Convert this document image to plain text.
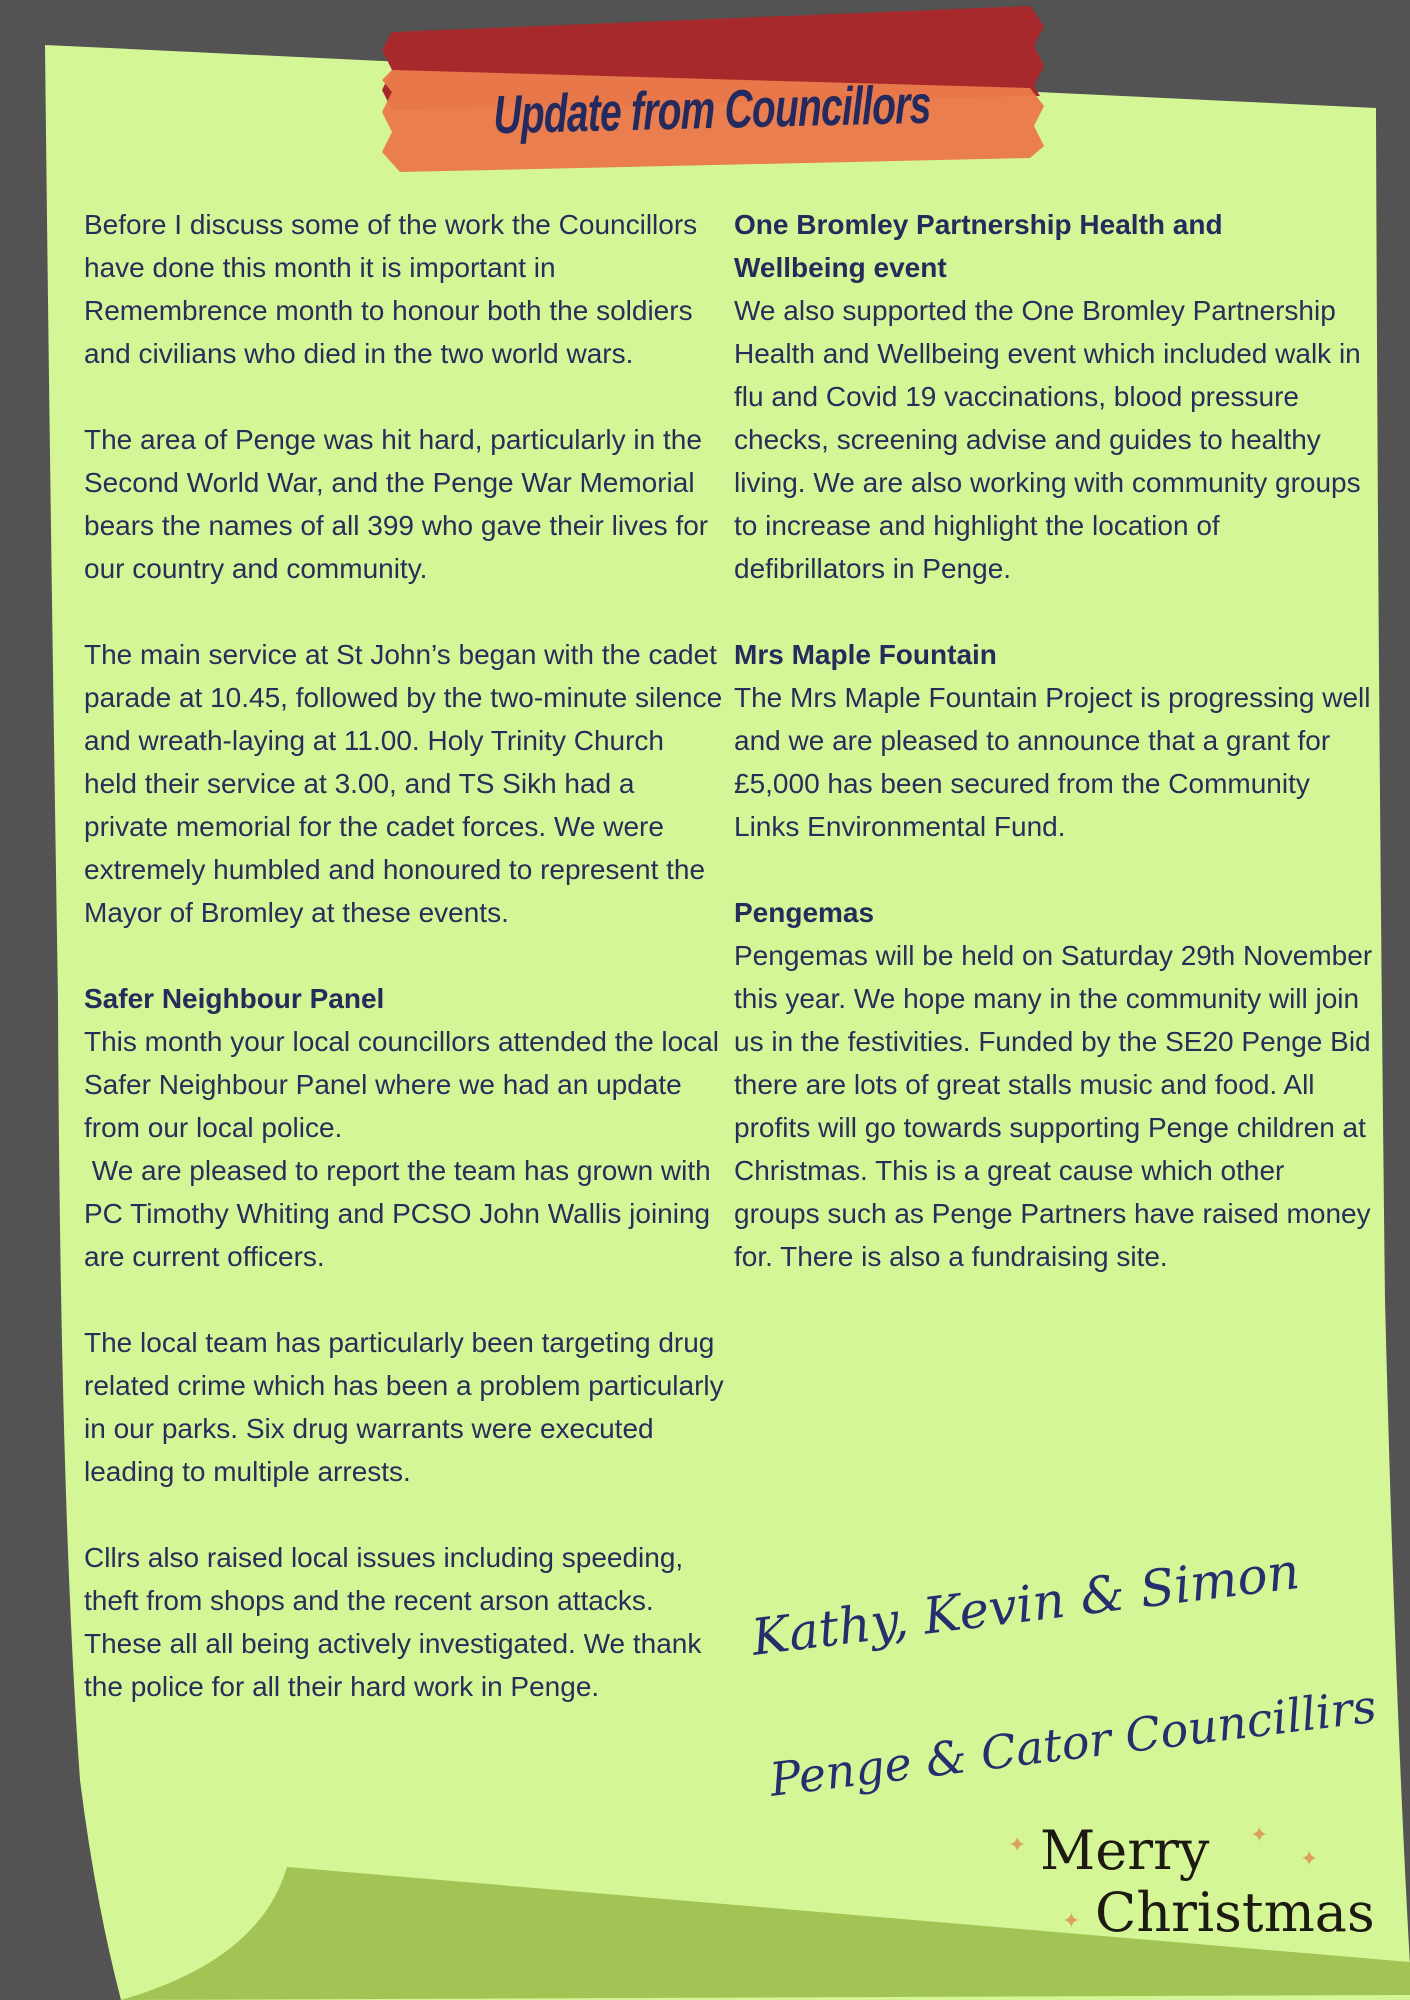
Update from Councillors

Before I discuss some of the work the Councillors have done this month it is important in Remembrence month to honour both the soldiers and civilians who died in the two world wars.

The area of Penge was hit hard, particularly in the Second World War, and the Penge War Memorial bears the names of all 399 who gave their lives for our country and community.

The main service at St John’s began with the cadet parade at 10.45, followed by the two-minute silence and wreath-laying at 11.00. Holy Trinity Church held their service at 3.00, and TS Sikh had a private memorial for the cadet forces. We were extremely humbled and honoured to represent the Mayor of Bromley at these events.

Safer Neighbour Panel

This month your local councillors attended the local Safer Neighbour Panel where we had an update from our local police.

We are pleased to report the team has grown with PC Timothy Whiting and PCSO John Wallis joining are current officers.

The local team has particularly been targeting drug related crime which has been a problem particularly in our parks. Six drug warrants were executed leading to multiple arrests.

Cllrs also raised local issues including speeding, theft from shops and the recent arson attacks. These all all being actively investigated. We thank the police for all their hard work in Penge.

One Bromley Partnership Health and Wellbeing event

We also supported the One Bromley Partnership Health and Wellbeing event which included walk in flu and Covid 19 vaccinations, blood pressure checks, screening advise and guides to healthy living. We are also working with community groups to increase and highlight the location of defibrillators in Penge.

Mrs Maple Fountain

The Mrs Maple Fountain Project is progressing well and we are pleased to announce that a grant for £5,000 has been secured from the Community Links Environmental Fund.

Pengemas

Pengemas will be held on Saturday 29th November this year. We hope many in the community will join us in the festivities. Funded by the SE20 Penge Bid there are lots of great stalls music and food. All profits will go towards supporting Penge children at Christmas. This is a great cause which other groups such as Penge Partners have raised money for. There is also a fundraising site.

Kathy, Kevin & Simon
Penge & Cator Councillirs
Merry
Christmas
✦	✦
✦
✦
